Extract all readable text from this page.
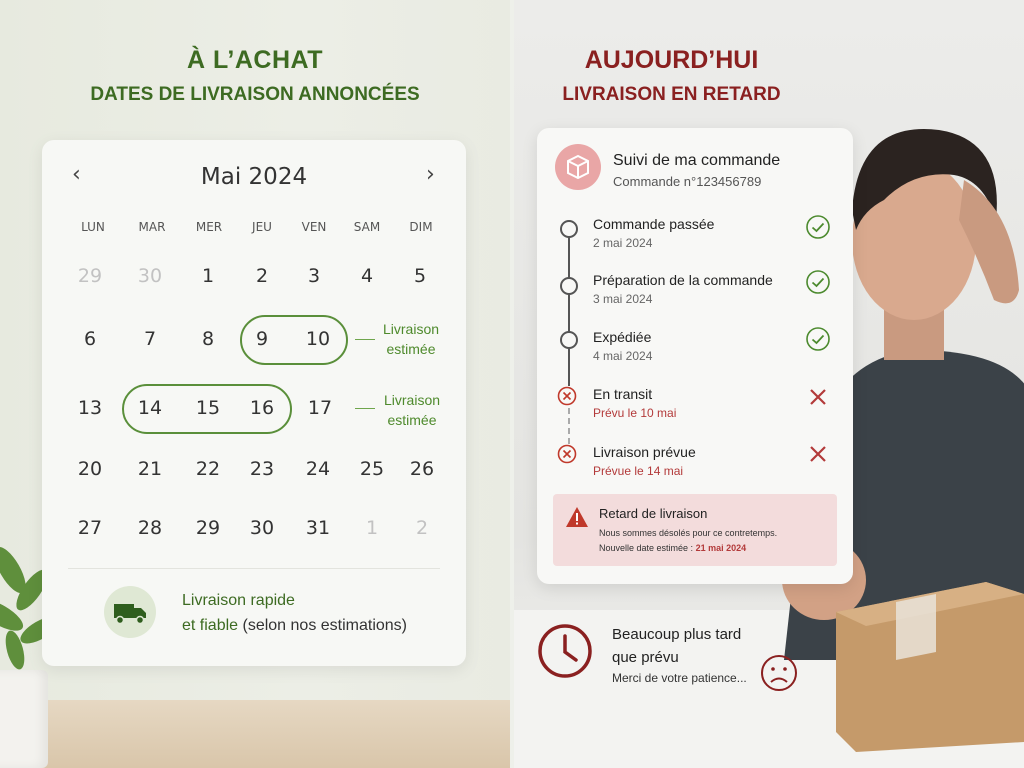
À L’ACHAT
DATES DE LIVRAISON ANNONCÉES
‹	Mai 2024	›
LUN	MAR	MER	JEU	VEN	SAM	DIM
Livraison
estimée
Livraison
estimée
29	30	1	2	3	4	5
6	7	8	9	10
13	14	15	16	17
20	21	22	23	24	25	26
27	28	29	30	31	1	2
Livraison rapide
et fiable (selon nos estimations)
AUJOURD’HUI
LIVRAISON EN RETARD
Suivi de ma commande
Commande n°123456789
Commande passée
2 mai 2024
Préparation de la commande
3 mai 2024
Expédiée
4 mai 2024
En transit
Prévu le 10 mai
Livraison prévue
Prévue le 14 mai
Retard de livraison
Nous sommes désolés pour ce contretemps.
Nouvelle date estimée : 21 mai 2024
Beaucoup plus tard
que prévu
Merci de votre patience...
